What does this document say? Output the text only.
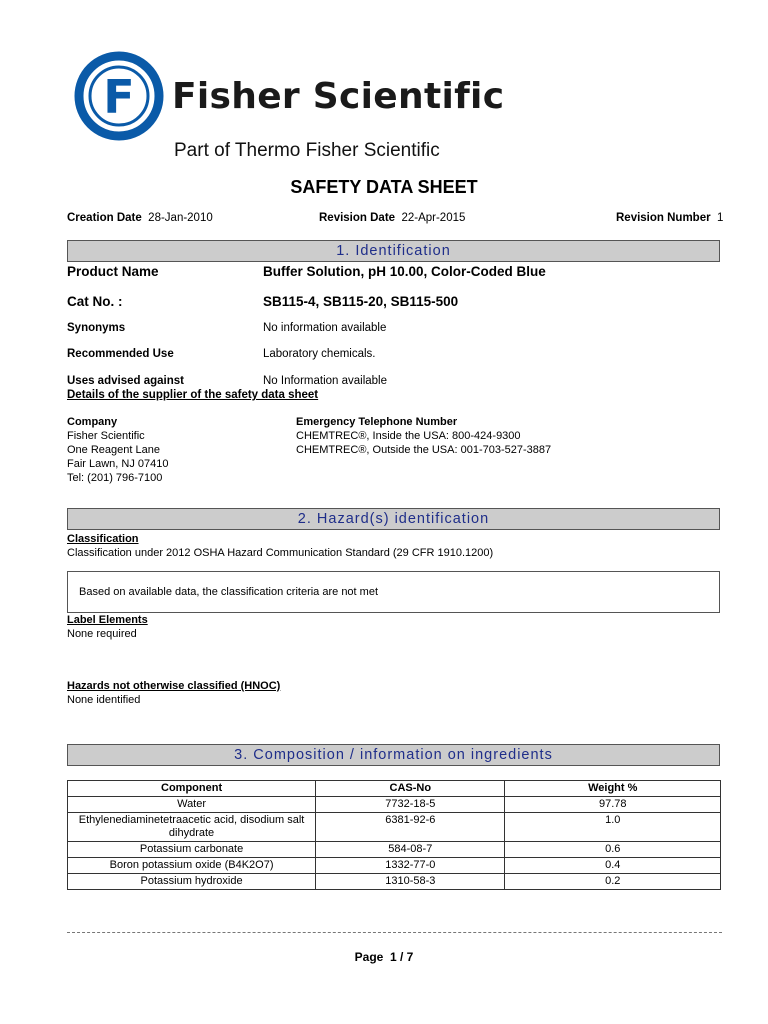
F Fisher Scientific
Part of Thermo Fisher Scientific
SAFETY DATA SHEET
Creation Date 28-Jan-2010	Revision Date 22-Apr-2015	Revision Number 1
1. Identification
Product Name	Buffer Solution, pH 10.00, Color-Coded Blue
Cat No. :	SB115-4, SB115-20, SB115-500
Synonyms	No information available
Recommended Use	Laboratory chemicals.
Uses advised against	No Information available
Details of the supplier of the safety data sheet
Company
Fisher Scientific
One Reagent Lane
Fair Lawn, NJ 07410
Tel: (201) 796-7100
Emergency Telephone Number
CHEMTREC®, Inside the USA: 800-424-9300
CHEMTREC®, Outside the USA: 001-703-527-3887
2. Hazard(s) identification
Classification
Classification under 2012 OSHA Hazard Communication Standard (29 CFR 1910.1200)
Based on available data, the classification criteria are not met
Label Elements
None required
Hazards not otherwise classified (HNOC)
None identified
3. Composition / information on ingredients
Component	CAS-No	Weight %
Water	7732-18-5	97.78
Ethylenediaminetetraacetic acid, disodium salt dihydrate	6381-92-6	1.0
Potassium carbonate	584-08-7	0.6
Boron potassium oxide (B4K2O7)	1332-77-0	0.4
Potassium hydroxide	1310-58-3	0.2
Page 1 / 7
